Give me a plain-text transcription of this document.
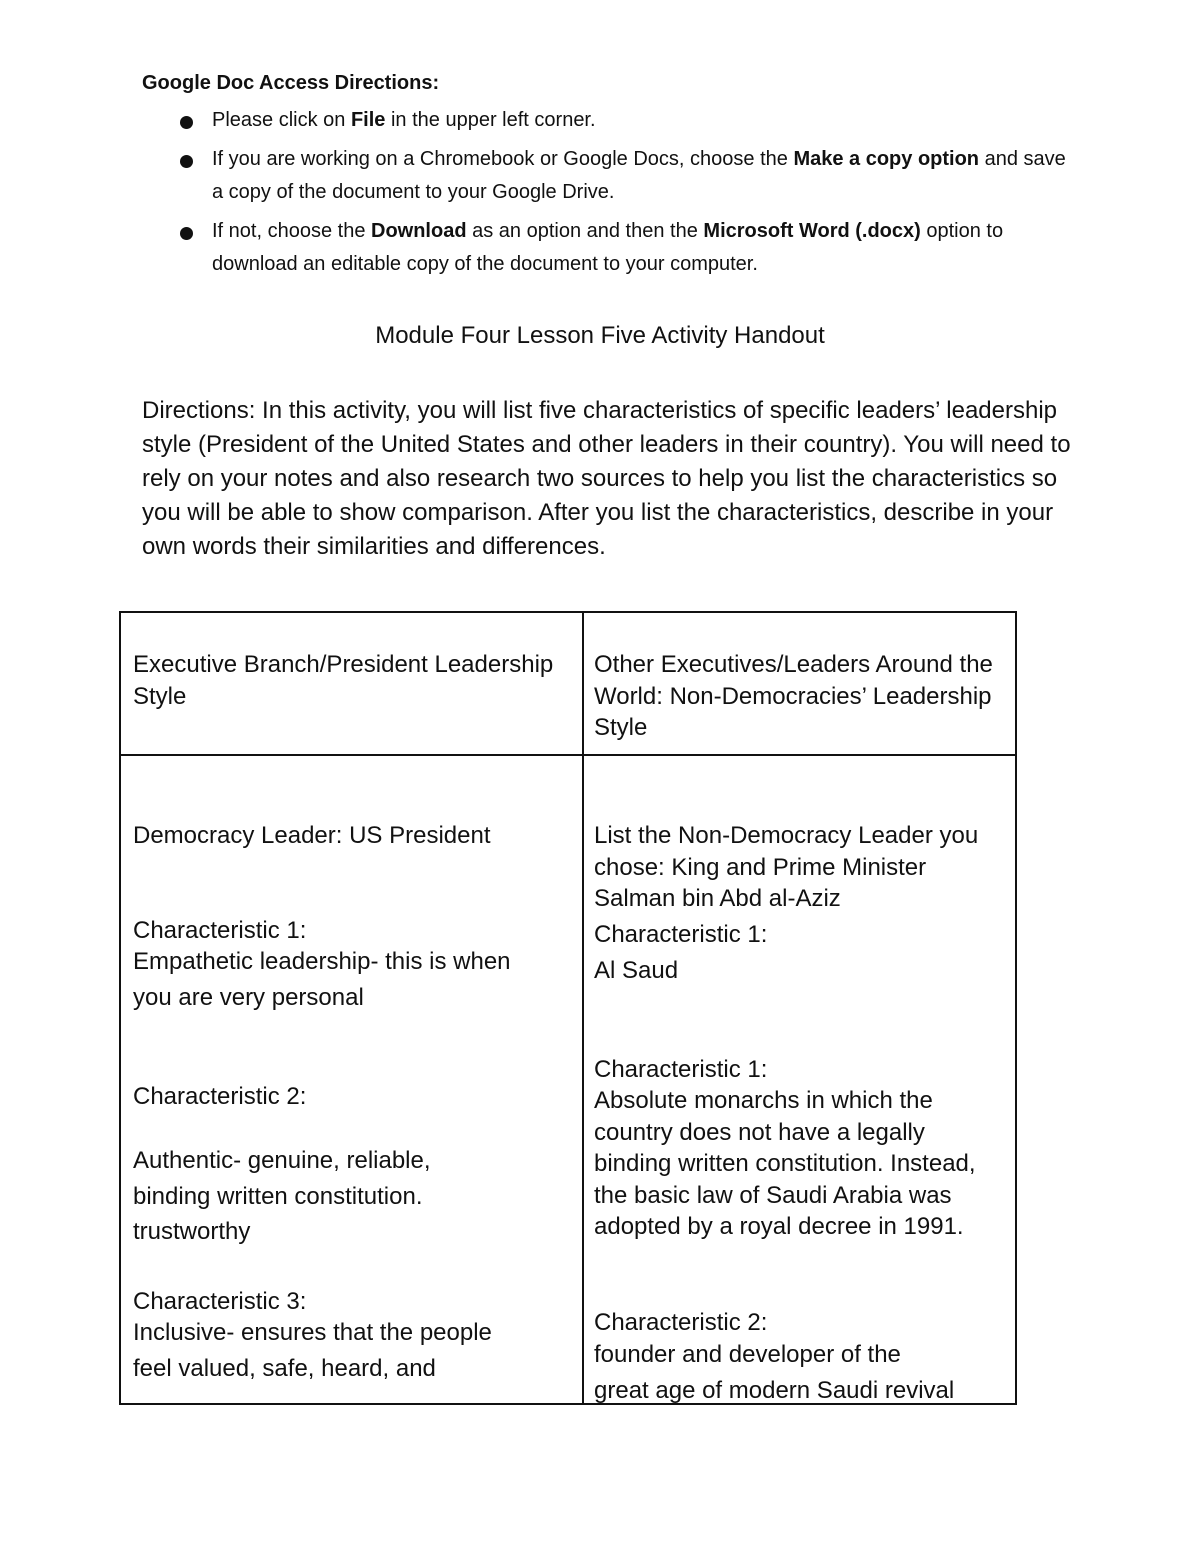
Google Doc Access Directions:
Please click on File in the upper left corner.
If you are working on a Chromebook or Google Docs, choose the Make a copy option and save a copy of the document to your Google Drive.
If not, choose the Download as an option and then the Microsoft Word (.docx) option to download an editable copy of the document to your computer.
Module Four Lesson Five Activity Handout
Directions: In this activity, you will list five characteristics of specific leaders’ leadership style (President of the United States and other leaders in their country). You will need to rely on your notes and also research two sources to help you list the characteristics so you will be able to show comparison. After you list the characteristics, describe in your own words their similarities and differences.
Executive Branch/President Leadership Style
Other Executives/Leaders Around the World: Non-Democracies’ Leadership Style
Democracy Leader: US President
Characteristic 1:
Empathetic leadership- this is when
you are very personal
Characteristic 2:
Authentic- genuine, reliable,
binding written constitution.
trustworthy
Characteristic 3:
Inclusive- ensures that the people
feel valued, safe, heard, and
List the Non-Democracy Leader you chose: King and Prime Minister Salman bin Abd al-Aziz
Characteristic 1:
Al Saud
Characteristic 1:
Absolute monarchs in which the country does not have a legally binding written constitution. Instead, the basic law of Saudi Arabia was adopted by a royal decree in 1991.
Characteristic 2:
founder and developer of the
great age of modern Saudi revival
